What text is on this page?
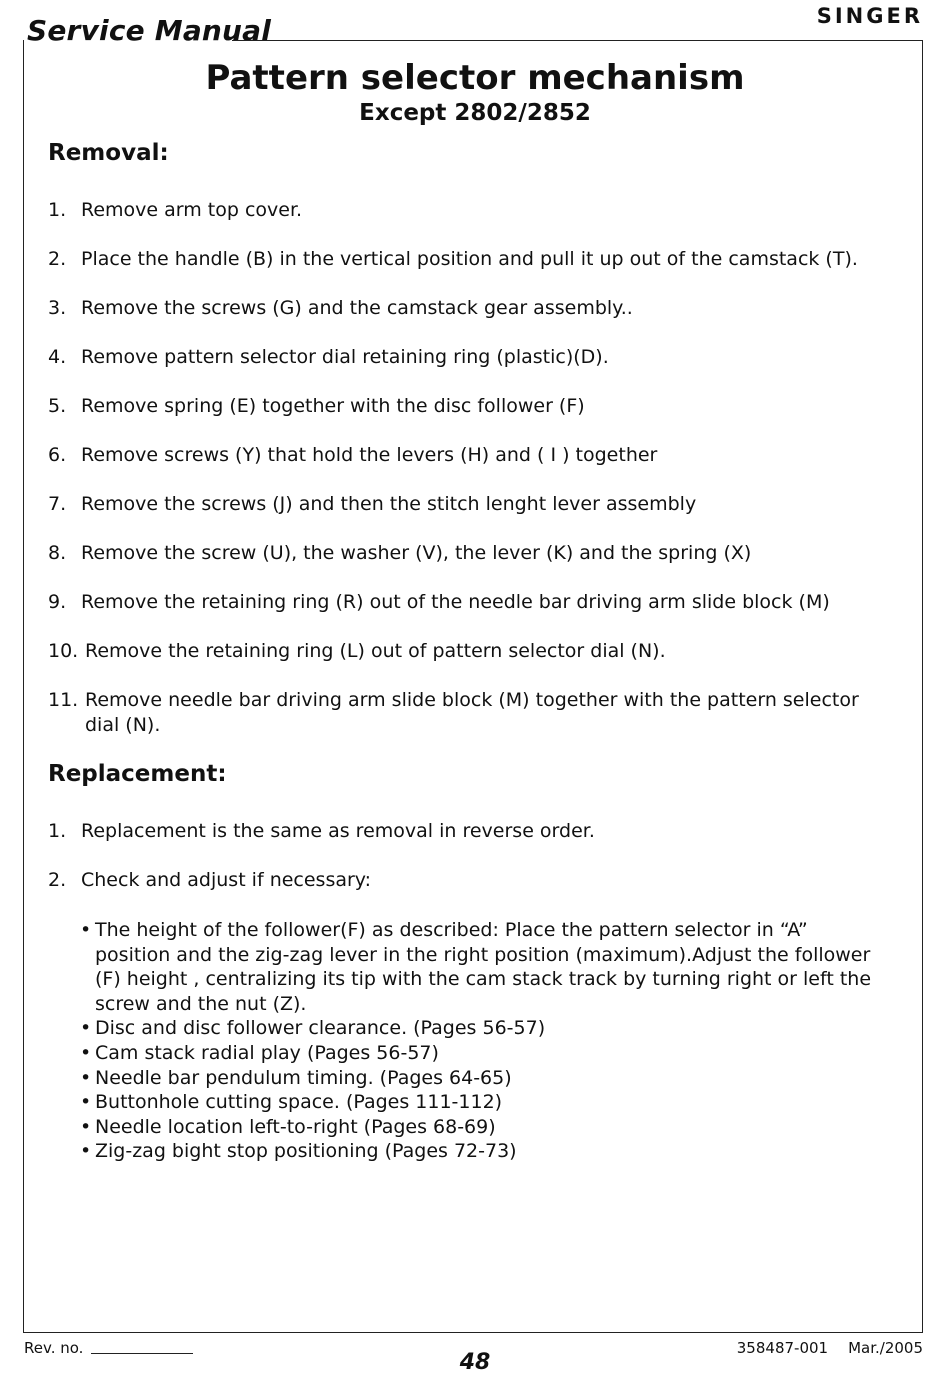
Service Manual	SINGER
Pattern selector mechanism
Except 2802/2852
Removal:
1. Remove arm top cover.
2. Place the handle (B) in the vertical position and pull it up out of the camstack (T).
3. Remove the screws (G) and the camstack gear assembly..
4. Remove pattern selector dial retaining ring (plastic)(D).
5. Remove spring (E) together with the disc follower (F)
6. Remove screws (Y) that hold the levers (H) and ( I ) together
7. Remove the screws (J) and then the stitch lenght lever assembly
8. Remove the screw (U), the washer (V), the lever (K) and the spring (X)
9. Remove the retaining ring (R) out of the needle bar driving arm slide block (M)
10. Remove the retaining ring (L) out of pattern selector dial (N).
11. Remove needle bar driving arm slide block (M) together with the pattern selector dial (N).
Replacement:
1. Replacement is the same as removal in reverse order.
2. Check and adjust if necessary:
• The height of the follower(F) as described: Place the pattern selector in “A” position and the zig-zag lever in the right position (maximum).Adjust the follower (F) height , centralizing its tip with the cam stack track by turning right or left the screw and the nut (Z).
• Disc and disc follower clearance. (Pages 56-57)
• Cam stack radial play (Pages 56-57)
• Needle bar pendulum timing. (Pages 64-65)
• Buttonhole cutting space. (Pages 111-112)
• Needle location left-to-right (Pages 68-69)
• Zig-zag bight stop positioning (Pages 72-73)
Rev. no.
48
358487-001 Mar./2005
